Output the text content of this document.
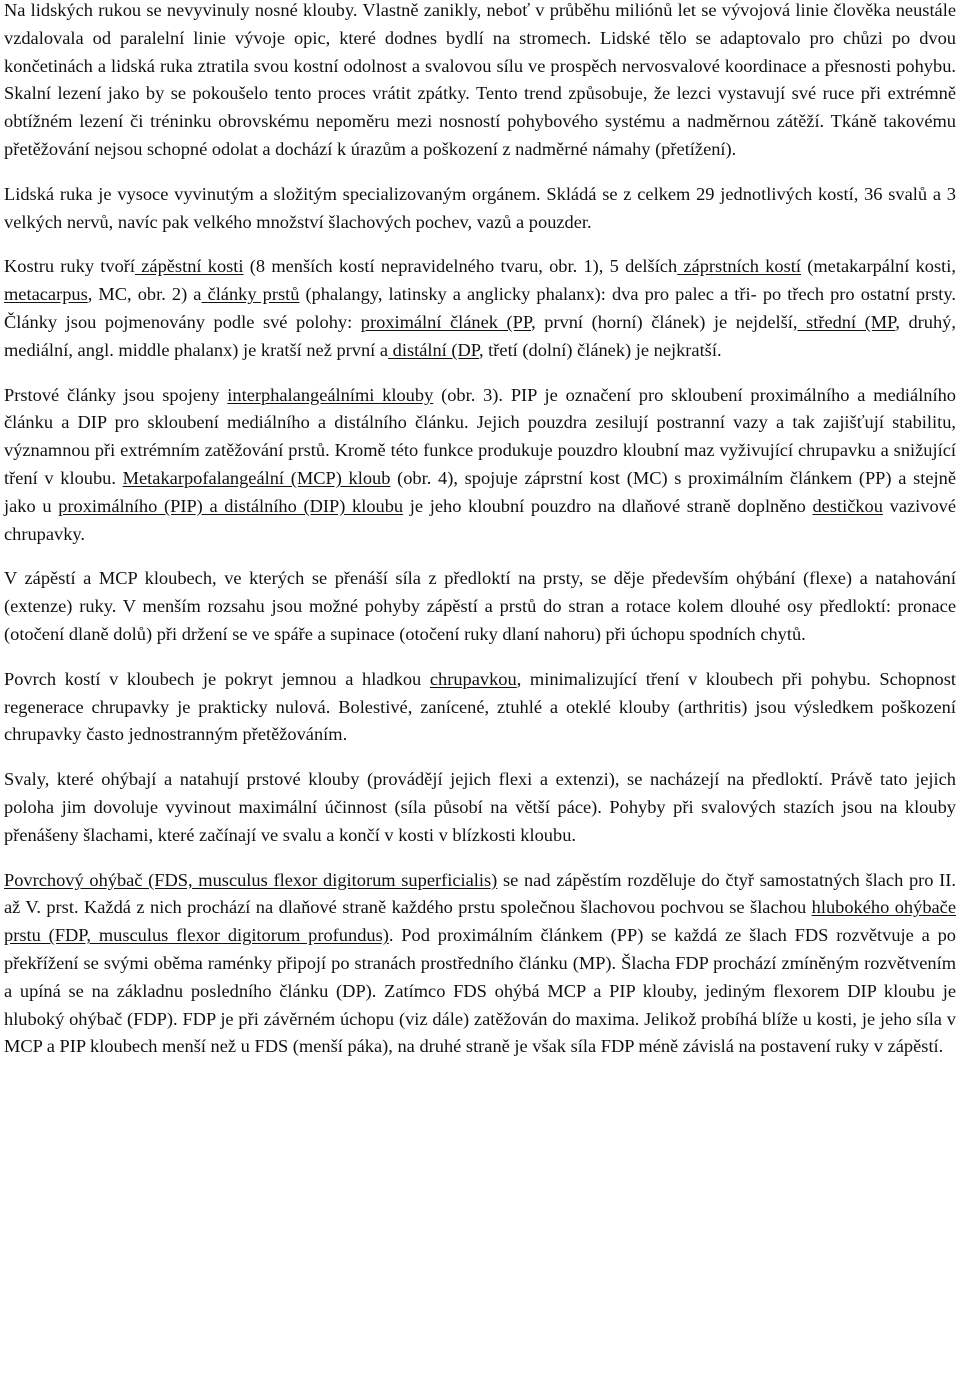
Na lidských rukou se nevyvinuly nosné klouby. Vlastně zanikly, neboť v průběhu miliónů let se vývojová linie člověka neustále vzdalovala od paralelní linie vývoje opic, které dodnes bydlí na stromech. Lidské tělo se adaptovalo pro chůzi po dvou končetinách a lidská ruka ztratila svou kostní odolnost a svalovou sílu ve prospěch nervosvalové koordinace a přesnosti pohybu. Skalní lezení jako by se pokoušelo tento proces vrátit zpátky. Tento trend způsobuje, že lezci vystavují své ruce při extrémně obtížném lezení či tréninku obrovskému nepoměru mezi nosností pohybového systému a nadměrnou zátěží. Tkáně takovému přetěžování nejsou schopné odolat a dochází k úrazům a poškození z nadměrné námahy (přetížení).

Lidská ruka je vysoce vyvinutým a složitým specializovaným orgánem. Skládá se z celkem 29 jednotlivých kostí, 36 svalů a 3 velkých nervů, navíc pak velkého množství šlachových pochev, vazů a pouzder.

Kostru ruky tvoří zápěstní kosti (8 menších kostí nepravidelného tvaru, obr. 1), 5 delších záprstních kostí (metakarpální kosti, metacarpus, MC, obr. 2) a články prstů (phalangy, latinsky a anglicky phalanx): dva pro palec a tři- po třech pro ostatní prsty. Články jsou pojmenovány podle své polohy: proximální článek (PP, první (horní) článek) je nejdelší, střední (MP, druhý, mediální, angl. middle phalanx) je kratší než první a distální (DP, třetí (dolní) článek) je nejkratší.

Prstové články jsou spojeny interphalangeálními klouby (obr. 3). PIP je označení pro skloubení proximálního a mediálního článku a DIP pro skloubení mediálního a distálního článku. Jejich pouzdra zesilují postranní vazy a tak zajišťují stabilitu, významnou při extrémním zatěžování prstů. Kromě této funkce produkuje pouzdro kloubní maz vyživující chrupavku a snižující tření v kloubu. Metakarpofalangeální (MCP) kloub (obr. 4), spojuje záprstní kost (MC) s proximálním článkem (PP) a stejně jako u proximálního (PIP) a distálního (DIP) kloubu je jeho kloubní pouzdro na dlaňové straně doplněno destičkou vazivové chrupavky.

V zápěstí a MCP kloubech, ve kterých se přenáší síla z předloktí na prsty, se děje především ohýbání (flexe) a natahování (extenze) ruky. V menším rozsahu jsou možné pohyby zápěstí a prstů do stran a rotace kolem dlouhé osy předloktí: pronace (otočení dlaně dolů) při držení se ve spáře a supinace (otočení ruky dlaní nahoru) při úchopu spodních chytů.

Povrch kostí v kloubech je pokryt jemnou a hladkou chrupavkou, minimalizující tření v kloubech při pohybu. Schopnost regenerace chrupavky je prakticky nulová. Bolestivé, zanícené, ztuhlé a oteklé klouby (arthritis) jsou výsledkem poškození chrupavky často jednostranným přetěžováním.

Svaly, které ohýbají a natahují prstové klouby (provádějí jejich flexi a extenzi), se nacházejí na předloktí. Právě tato jejich poloha jim dovoluje vyvinout maximální účinnost (síla působí na větší páce). Pohyby při svalových stazích jsou na klouby přenášeny šlachami, které začínají ve svalu a končí v kosti v blízkosti kloubu.

Povrchový ohýbač (FDS, musculus flexor digitorum superficialis) se nad zápěstím rozděluje do čtyř samostatných šlach pro II. až V. prst. Každá z nich prochází na dlaňové straně každého prstu společnou šlachovou pochvou se šlachou hlubokého ohýbače prstu (FDP, musculus flexor digitorum profundus). Pod proximálním článkem (PP) se každá ze šlach FDS rozvětvuje a po překřížení se svými oběma raménky připojí po stranách prostředního článku (MP). Šlacha FDP prochází zmíněným rozvětvením a upíná se na základnu posledního článku (DP). Zatímco FDS ohýbá MCP a PIP klouby, jediným flexorem DIP kloubu je hluboký ohýbač (FDP). FDP je při závěrném úchopu (viz dále) zatěžován do maxima. Jelikož probíhá blíže u kosti, je jeho síla v MCP a PIP kloubech menší než u FDS (menší páka), na druhé straně je však síla FDP méně závislá na postavení ruky v zápěstí.
